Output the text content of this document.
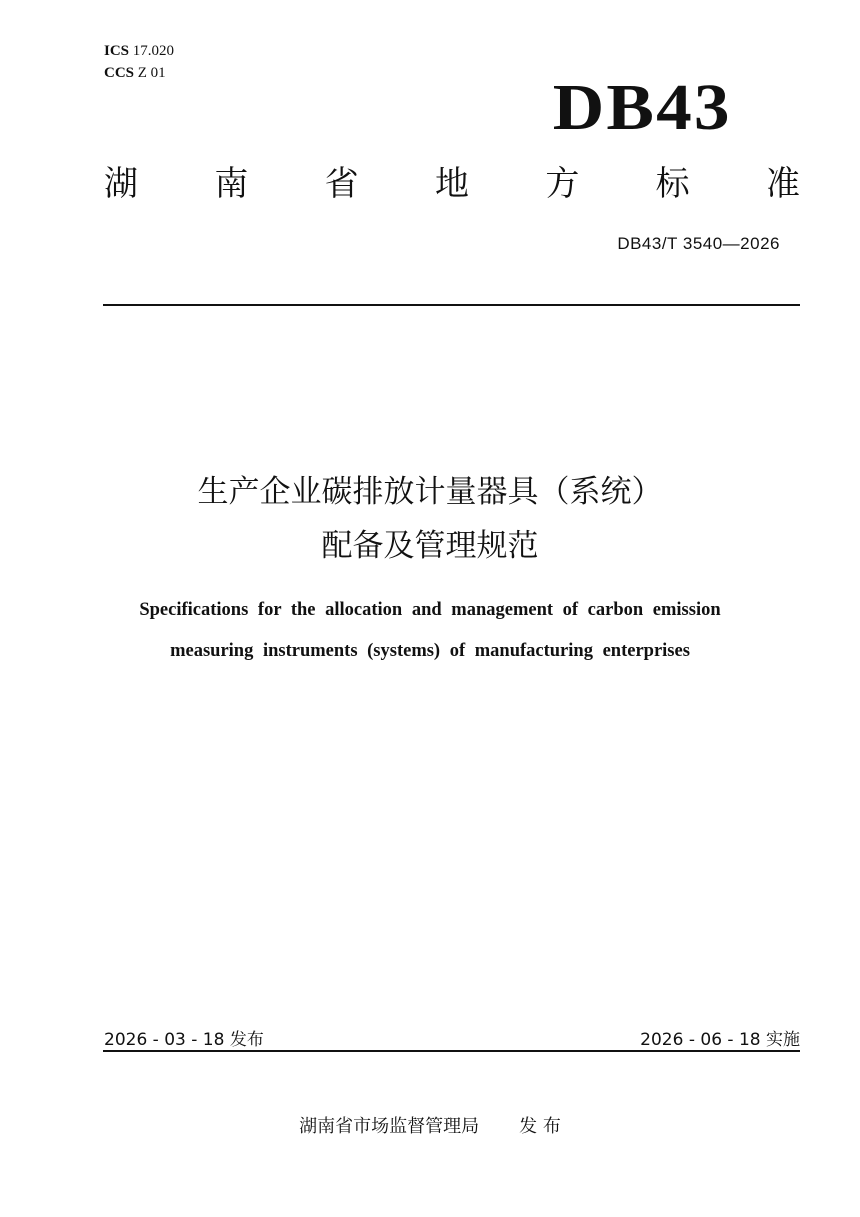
ICS 17.020
CCS Z 01	DB43
湖 南 省 地 方 标 准
DB43/T 3540—2026
生产企业碳排放计量器具（系统）
配备及管理规范
Specifications for the allocation and management of carbon emission
measuring instruments (systems) of manufacturing enterprises
2026 - 03 - 18 发布	2026 - 06 - 18 实施
湖南省市场监督管理局 发 布
